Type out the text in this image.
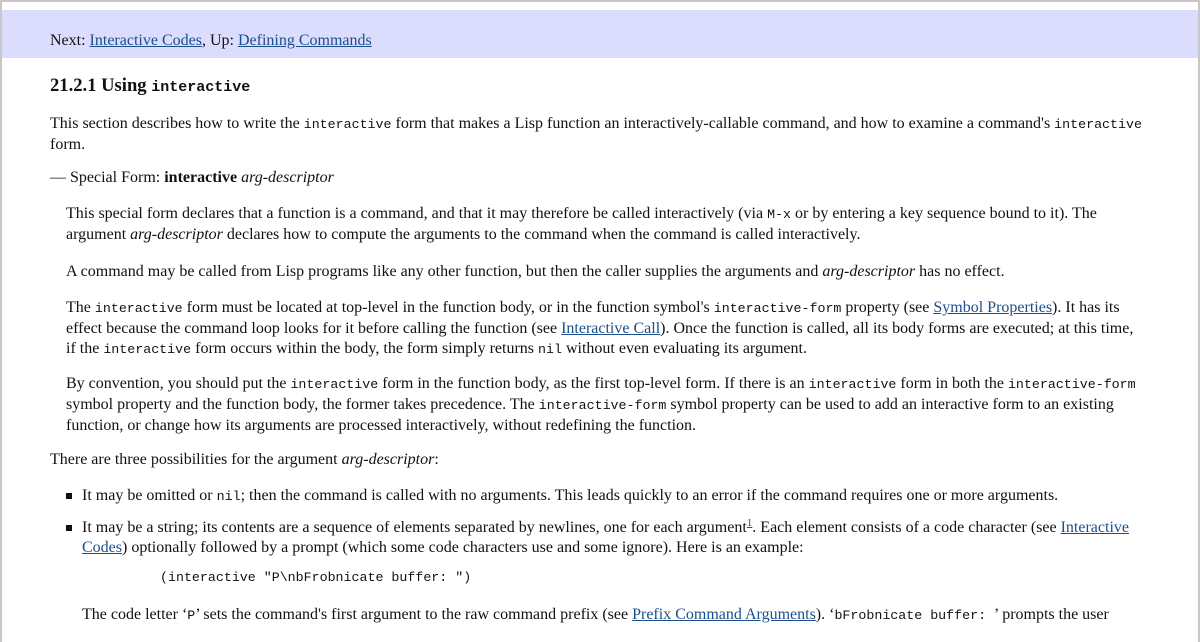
Next: Interactive Codes, Up: Defining Commands
21.2.1 Using interactive

This section describes how to write the interactive form that makes a Lisp function an interactively-callable command, and how to examine a command's interactive form.

— Special Form: interactive arg-descriptor

This special form declares that a function is a command, and that it may therefore be called interactively (via M-x or by entering a key sequence bound to it). The argument arg-descriptor declares how to compute the arguments to the command when the command is called interactively.

A command may be called from Lisp programs like any other function, but then the caller supplies the arguments and arg-descriptor has no effect.

The interactive form must be located at top-level in the function body, or in the function symbol's interactive-form property (see Symbol Properties). It has its effect because the command loop looks for it before calling the function (see Interactive Call). Once the function is called, all its body forms are executed; at this time, if the interactive form occurs within the body, the form simply returns nil without even evaluating its argument.

By convention, you should put the interactive form in the function body, as the first top-level form. If there is an interactive form in both the interactive-form symbol property and the function body, the former takes precedence. The interactive-form symbol property can be used to add an interactive form to an existing function, or change how its arguments are processed interactively, without redefining the function.

There are three possibilities for the argument arg-descriptor:

It may be omitted or nil; then the command is called with no arguments. This leads quickly to an error if the command requires one or more arguments.
It may be a string; its contents are a sequence of elements separated by newlines, one for each argument$^1$. Each element consists of a code character (see Interactive Codes) optionally followed by a prompt (which some code characters use and some ignore). Here is an example:
(interactive "P\nbFrobnicate buffer: ")

The code letter ‘P’ sets the command's first argument to the raw command prefix (see Prefix Command Arguments). ‘bFrobnicate buffer: ’ prompts the user
